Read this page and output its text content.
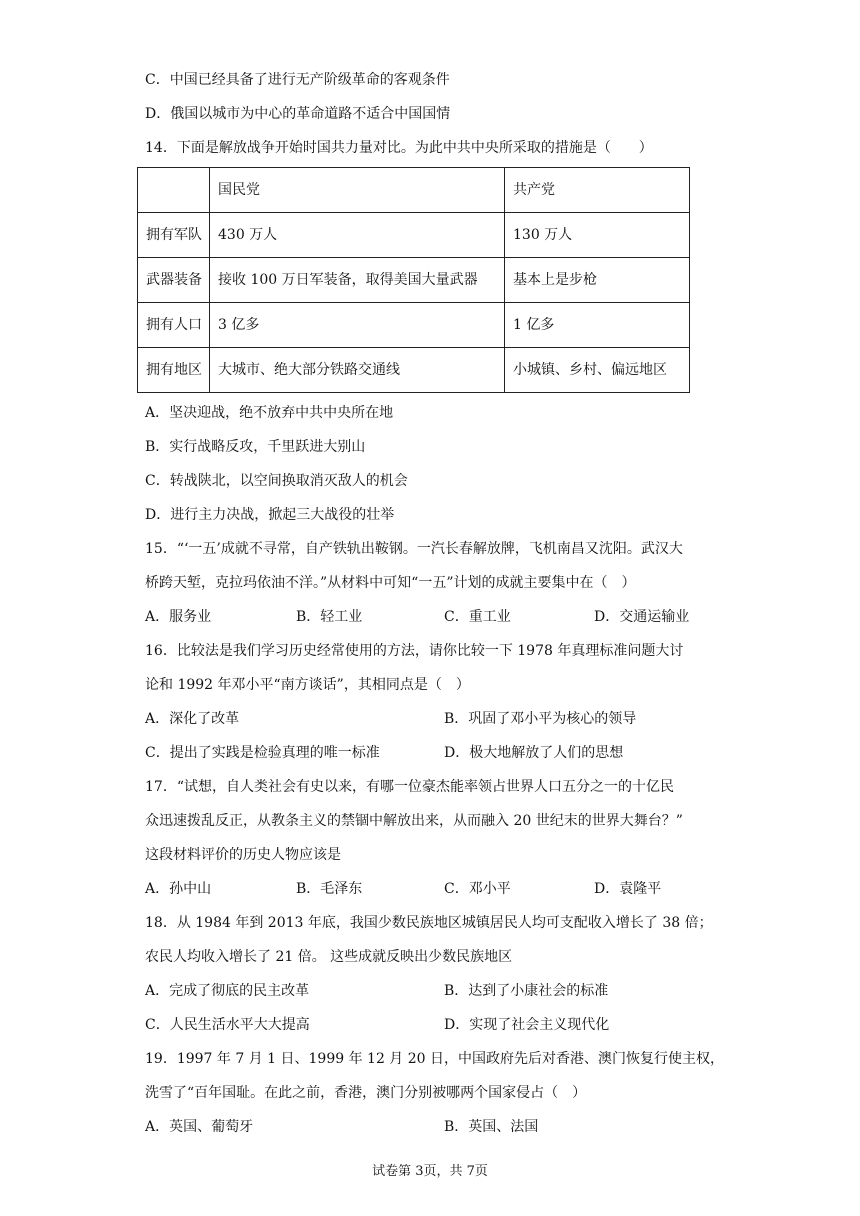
C．中国已经具备了进行无产阶级革命的客观条件
D．俄国以城市为中心的革命道路不适合中国国情
14．下面是解放战争开始时国共力量对比。为此中共中央所采取的措施是（　　）
	国民党	共产党
拥有军队	430 万人	130 万人
武器装备	接收 100 万日军装备，取得美国大量武器	基本上是步枪
拥有人口	3 亿多	1 亿多
拥有地区	大城市、绝大部分铁路交通线	小城镇、乡村、偏远地区
A．坚决迎战，绝不放弃中共中央所在地
B．实行战略反攻，千里跃进大别山
C．转战陕北，以空间换取消灭敌人的机会
D．进行主力决战，掀起三大战役的壮举
15．“‘一五’成就不寻常，自产铁轨出鞍钢。一汽长春解放牌，飞机南昌又沈阳。武汉大
桥跨天堑，克拉玛依油不洋。”从材料中可知“一五”计划的成就主要集中在（　）
A．服务业	B．轻工业	C．重工业	D．交通运输业
16．比较法是我们学习历史经常使用的方法，请你比较一下 1978 年真理标准问题大讨
论和 1992 年邓小平“南方谈话”，其相同点是（　）
A．深化了改革	B．巩固了邓小平为核心的领导
C．提出了实践是检验真理的唯一标准	D．极大地解放了人们的思想
17．“试想，自人类社会有史以来，有哪一位豪杰能率领占世界人口五分之一的十亿民
众迅速拨乱反正，从教条主义的禁锢中解放出来，从而融入 20 世纪末的世界大舞台？”
这段材料评价的历史人物应该是
A．孙中山	B．毛泽东	C．邓小平	D．袁隆平
18．从 1984 年到 2013 年底，我国少数民族地区城镇居民人均可支配收入增长了 38 倍；
农民人均收入增长了 21 倍。 这些成就反映出少数民族地区
A．完成了彻底的民主改革	B．达到了小康社会的标准
C．人民生活水平大大提高	D．实现了社会主义现代化
19．1997 年 7 月 1 日、1999 年 12 月 20 日，中国政府先后对香港、澳门恢复行使主权，
洗雪了“百年国耻。在此之前，香港，澳门分别被哪两个国家侵占（　）
A．英国、葡萄牙	B．英国、法国
试卷第 3页，共 7页
